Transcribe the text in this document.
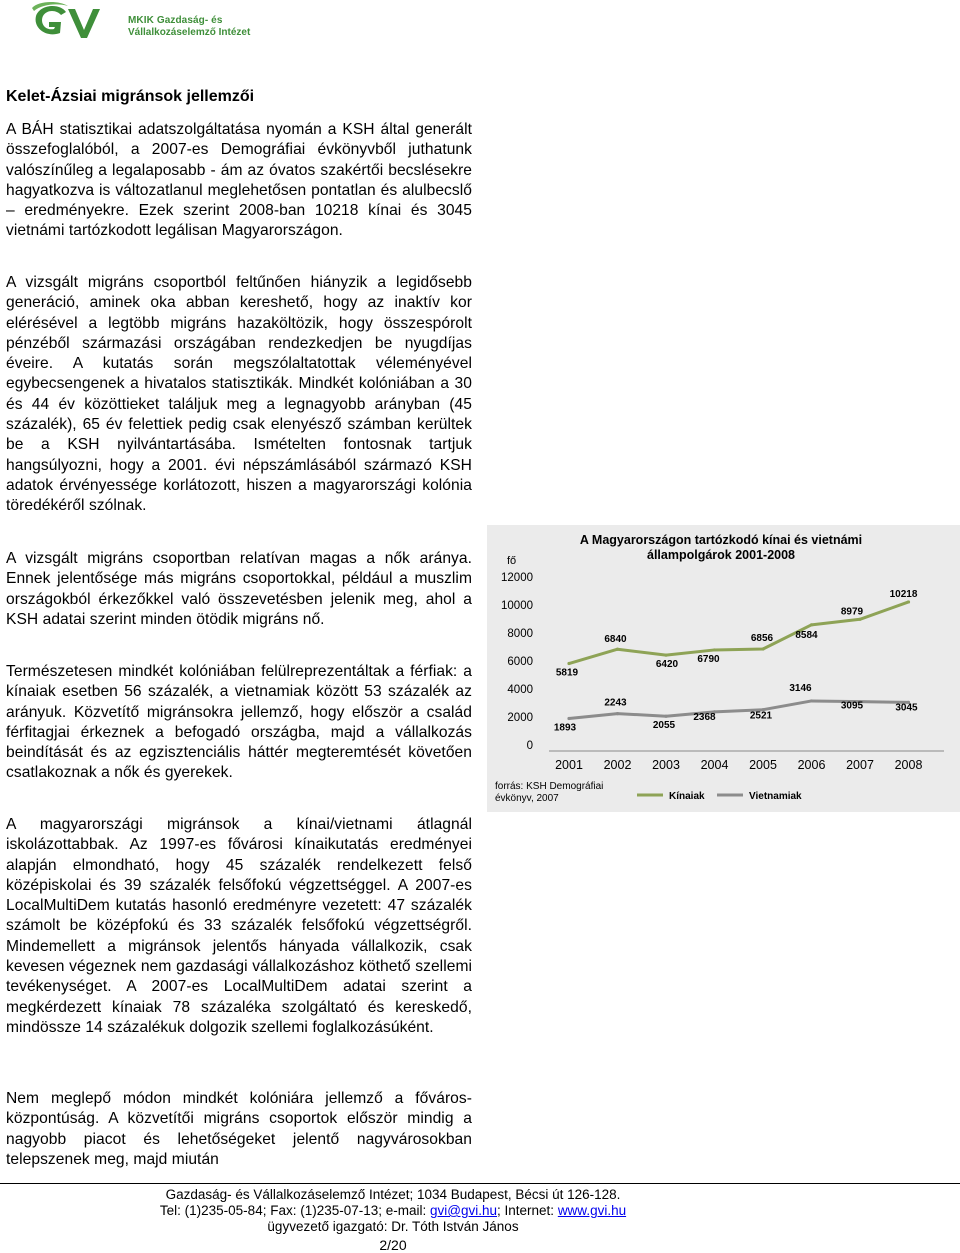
MKIK Gazdaság- és
Vállalkozáselemző Intézet
Kelet-Ázsiai migránsok jellemzői

A BÁH statisztikai adatszolgáltatása nyomán a KSH által generált összefoglalóból, a 2007-es Demográfiai évkönyvből juthatunk valószínűleg a legalaposabb - ám az óvatos szakértői becslésekre hagyatkozva is változatlanul meglehetősen pontatlan és alulbecslő – eredményekre. Ezek szerint 2008-ban 10218 kínai és 3045 vietnámi tartózkodott legálisan Magyarországon.

A vizsgált migráns csoportból feltűnően hiányzik a legidősebb generáció, aminek oka abban kereshető, hogy az inaktív kor elérésével a legtöbb migráns hazaköltözik, hogy összespórolt pénzéből származási országában rendezkedjen be nyugdíjas éveire. A kutatás során megszólaltatottak véleményével egybecsengenek a hivatalos statisztikák. Mindkét kolóniában a 30 és 44 év közöttieket találjuk meg a legnagyobb arányban (45 százalék), 65 év felettiek pedig csak elenyésző számban kerültek be a KSH nyilvántartásába. Ismételten fontosnak tartjuk hangsúlyozni, hogy a 2001. évi népszámlásából származó KSH adatok érvényessége korlátozott, hiszen a magyarországi kolónia töredékéről szólnak.

A vizsgált migráns csoportban relatívan magas a nők aránya. Ennek jelentősége más migráns csoportokkal, például a muszlim országokból érkezőkkel való összevetésben jelenik meg, ahol a KSH adatai szerint minden ötödik migráns nő.

Természetesen mindkét kolóniában felülreprezentáltak a férfiak: a kínaiak esetben 56 százalék, a vietnamiak között 53 százalék az arányuk. Közvetítő migránsokra jellemző, hogy először a család férfitagjai érkeznek a befogadó országba, majd a vállalkozás beindítását és az egzisztenciális háttér megteremtését követően csatlakoznak a nők és gyerekek.

A magyarországi migránsok a kínai/vietnami átlagnál iskolázottabbak. Az 1997-es fővárosi kínaikutatás eredményei alapján elmondható, hogy 45 százalék rendelkezett felső középiskolai és 39 százalék felsőfokú végzettséggel. A 2007-es LocalMultiDem kutatás hasonló eredményre vezetett: 47 százalék számolt be középfokú és 33 százalék felsőfokú végzettségről. Mindemellett a migránsok jelentős hányada vállalkozik, csak kevesen végeznek nem gazdasági vállalkozáshoz köthető szellemi tevékenységet. A 2007-es LocalMultiDem adatai szerint a megkérdezett kínaiak 78 százaléka szolgáltató és kereskedő, mindössze 14 százalékuk dolgozik szellemi foglalkozásúként.

Nem meglepő módon mindkét kolóniára jellemző a főváros-központúság. A közvetítői migráns csoportok először mindig a nagyobb piacot és lehetőségeket jelentő nagyvárosokban telepszenek meg, majd miután

A Magyarországon tartózkodó kínai és vietnámi
állampolgárok 2001-2008
fő
0
2000
4000
6000
8000
10000
12000
2001 2002 2003 2004 2005 2006 2007 2008
5819
6840
6420 6790
6856 8584
8979
10218
1893
2243
2055
2368	2521
3146
3095	3045
forrás: KSH Demográfiai
évkönyv, 2007	Kínaiak	Vietnamiak
Gazdaság- és Vállalkozáselemző Intézet; 1034 Budapest, Bécsi út 126-128.
Tel: (1)235-05-84; Fax: (1)235-07-13; e-mail: gvi@gvi.hu; Internet: www.gvi.hu
ügyvezető igazgató: Dr. Tóth István János
2/20
